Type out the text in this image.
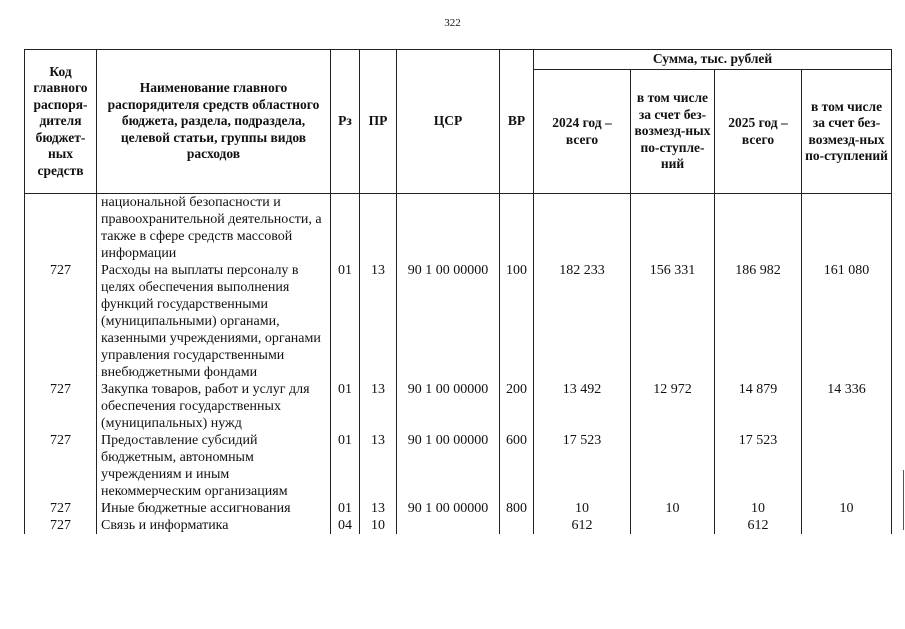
322
Код главного распоря-дителя бюджет-ных средств	Наименование главного распорядителя средств областного бюджета, раздела, подраздела, целевой статьи, группы видов расходов	Рз	ПР	ЦСР	ВР	Сумма, тыс. рублей			
						2024 год – всего	в том числе за счет без-возмезд-ных по-ступле-ний	2025 год – всего	в том числе за счет без-возмезд-ных по-ступлений
	национальной безопасности и правоохранительной деятельности, а также в сфере средств массовой информации								
727	Расходы на выплаты персоналу в целях обеспечения выполнения функций государственными (муниципальными) органами, казенными учреждениями, органами управления государственными внебюджетными фондами	01	13	90 1 00 00000	100	182 233	156 331	186 982	161 080
727	Закупка товаров, работ и услуг для обеспечения государственных (муниципальных) нужд	01	13	90 1 00 00000	200	13 492	12 972	14 879	14 336
727	Предоставление субсидий бюджетным, автономным учреждениям и иным некоммерческим организациям	01	13	90 1 00 00000	600	17 523		17 523	
727	Иные бюджетные ассигнования	01	13	90 1 00 00000	800	10	10	10	10
727	Связь и информатика	04	10			612		612	
